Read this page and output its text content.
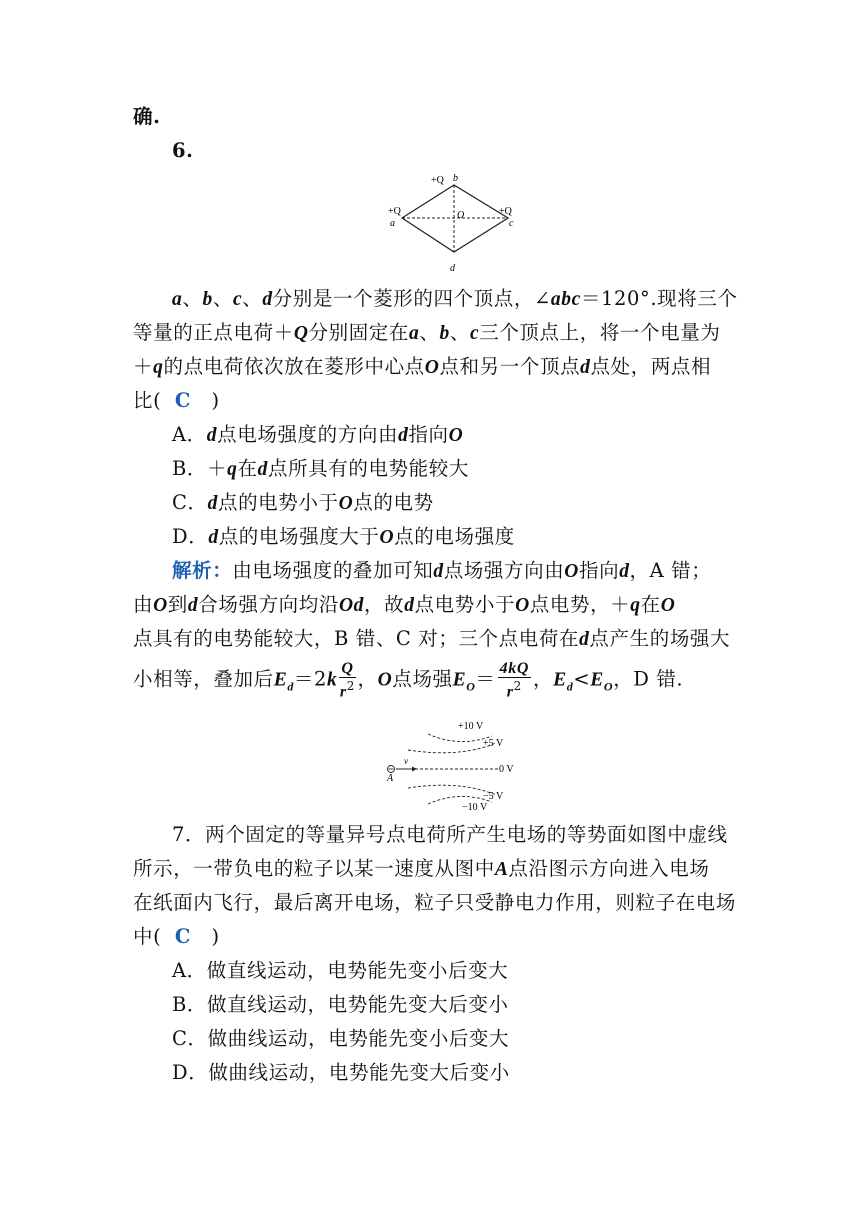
确.
6.
+Q b
+Q
a
O	+Q
c
d
a、b、c、d分别是一个菱形的四个顶点，∠abc＝120°.现将三个
等量的正点电荷＋Q分别固定在a、b、c三个顶点上，将一个电量为
＋q的点电荷依次放在菱形中心点O点和另一个顶点d点处，两点相
比( C )
A．d点电场强度的方向由d指向O
B．＋q在d点所具有的电势能较大
C．d点的电势小于O点的电势
D．d点的电场强度大于O点的电场强度
解析：由电场强度的叠加可知d点场强方向由O指向d，A 错；
由O到d合场强方向均沿Od，故d点电势小于O点电势，＋q在O
点具有的电势能较大，B 错、C 对；三个点电荷在d点产生的场强大
小相等，叠加后$E_d=2k \frac{Q}{r^2}$ ，O点场强$E_O= \frac{4kQ}{r^2}$ ，$E_d<E_O$，D 错.
+10 V
+5 V
0 V
−5 V
−10 V
v
A
7．两个固定的等量异号点电荷所产生电场的等势面如图中虚线
所示，一带负电的粒子以某一速度从图中A点沿图示方向进入电场
在纸面内飞行，最后离开电场，粒子只受静电力作用，则粒子在电场
中( C )
A．做直线运动，电势能先变小后变大
B．做直线运动，电势能先变大后变小
C．做曲线运动，电势能先变小后变大
D．做曲线运动，电势能先变大后变小
